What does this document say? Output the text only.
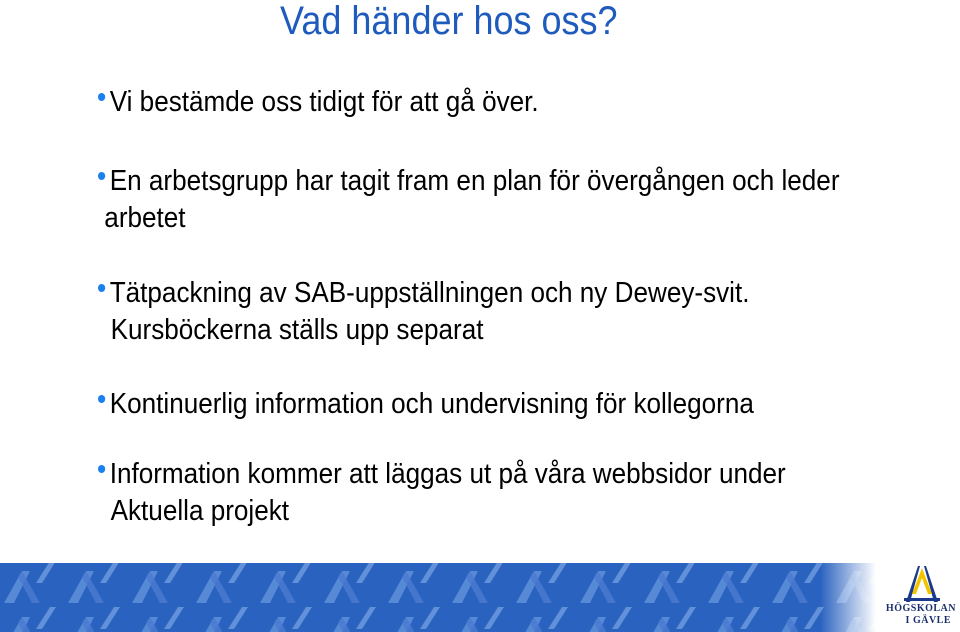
Vad händer hos oss?
Vi bestämde oss tidigt för att gå över.
En arbetsgrupp har tagit fram en plan för övergången och leder
arbetet
Tätpackning av SAB-uppställningen och ny Dewey-svit.
Kursböckerna ställs upp separat
Kontinuerlig information och undervisning för kollegorna
Information kommer att läggas ut på våra webbsidor under
Aktuella projekt
HÖGSKOLAN
I GÄVLE
